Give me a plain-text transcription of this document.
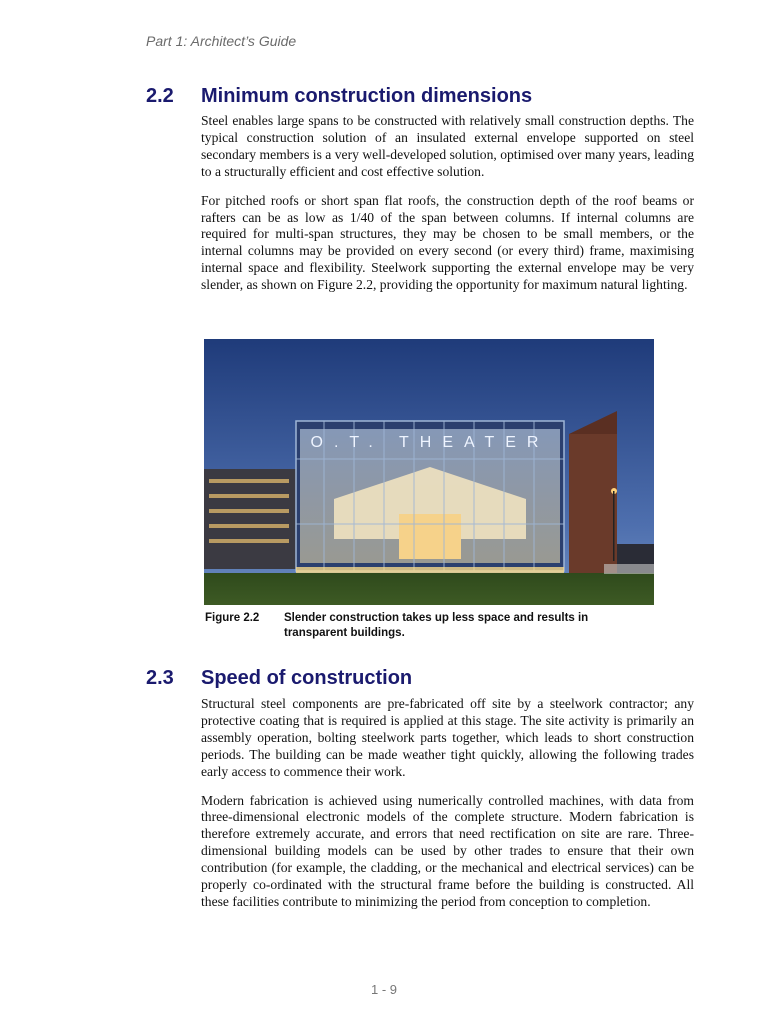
Part 1: Architect’s Guide
2.2 Minimum construction dimensions

Steel enables large spans to be constructed with relatively small construction depths. The typical construction solution of an insulated external envelope supported on steel secondary members is a very well-developed solution, optimised over many years, leading to a structurally efficient and cost effective solution.

For pitched roofs or short span flat roofs, the construction depth of the roof beams or rafters can be as low as 1/40 of the span between columns. If internal columns are required for multi-span structures, they may be chosen to be small members, or the internal columns may be provided on every second (or every third) frame, maximising internal space and flexibility. Steelwork supporting the external envelope may be very slender, as shown on Figure 2.2, providing the opportunity for maximum natural lighting.

O.T. THEATER
Figure 2.2	Slender construction takes up less space and results in transparent buildings.
2.3 Speed of construction

Structural steel components are pre-fabricated off site by a steelwork contractor; any protective coating that is required is applied at this stage. The site activity is primarily an assembly operation, bolting steelwork parts together, which leads to short construction periods. The building can be made weather tight quickly, allowing the following trades early access to commence their work.

Modern fabrication is achieved using numerically controlled machines, with data from three-dimensional electronic models of the complete structure. Modern fabrication is therefore extremely accurate, and errors that need rectification on site are rare. Three-dimensional building models can be used by other trades to ensure that their own contribution (for example, the cladding, or the mechanical and electrical services) can be properly co-ordinated with the structural frame before the building is constructed. All these facilities contribute to minimizing the period from conception to completion.

1 - 9
